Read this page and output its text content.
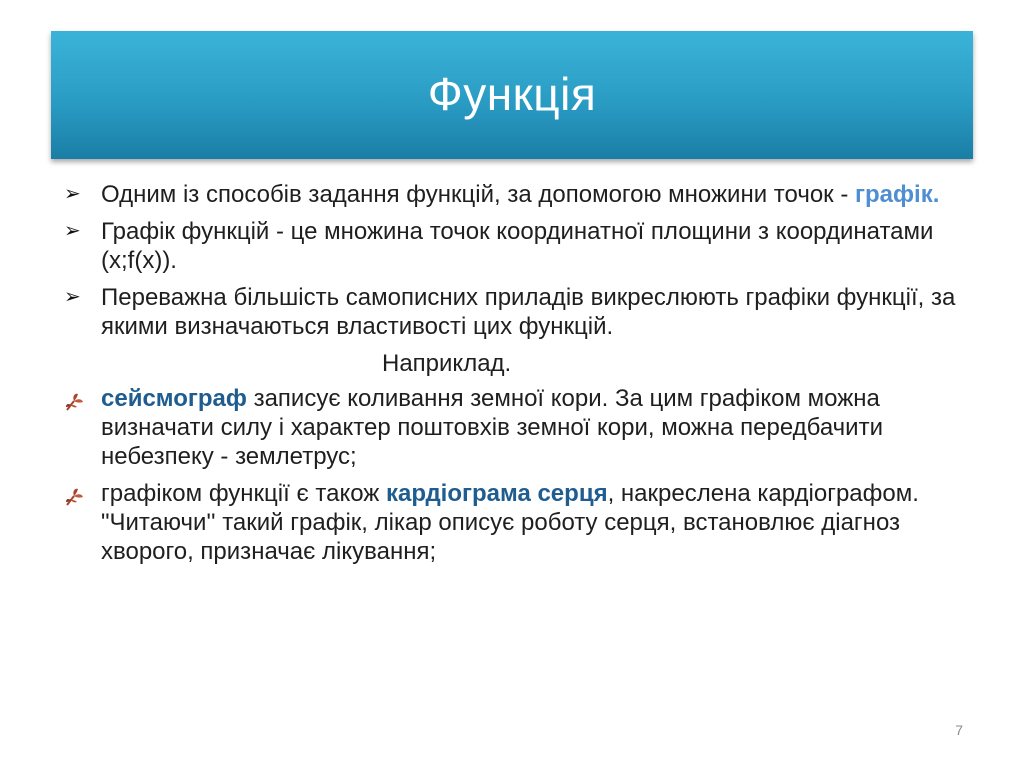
Функція
➢ Одним із способів задання функцій, за допомогою множини точок - графік.
➢ Графік функцій - це множина точок координатної площини з координатами (х;f(x)).
➢ Переважна більшість самописних приладів викреслюють графіки функції, за якими визначаються властивості цих функцій.
Наприклад.
сейсмограф записує коливання земної кори. За цим графіком можна визначати силу і характер поштовхів земної кори, можна передбачити небезпеку - землетрус;
графіком функції є також кардіограма серця, накреслена кардіографом. "Читаючи'' такий графік, лікар описує роботу серця, встановлює діагноз хворого, призначає лікування;
7
